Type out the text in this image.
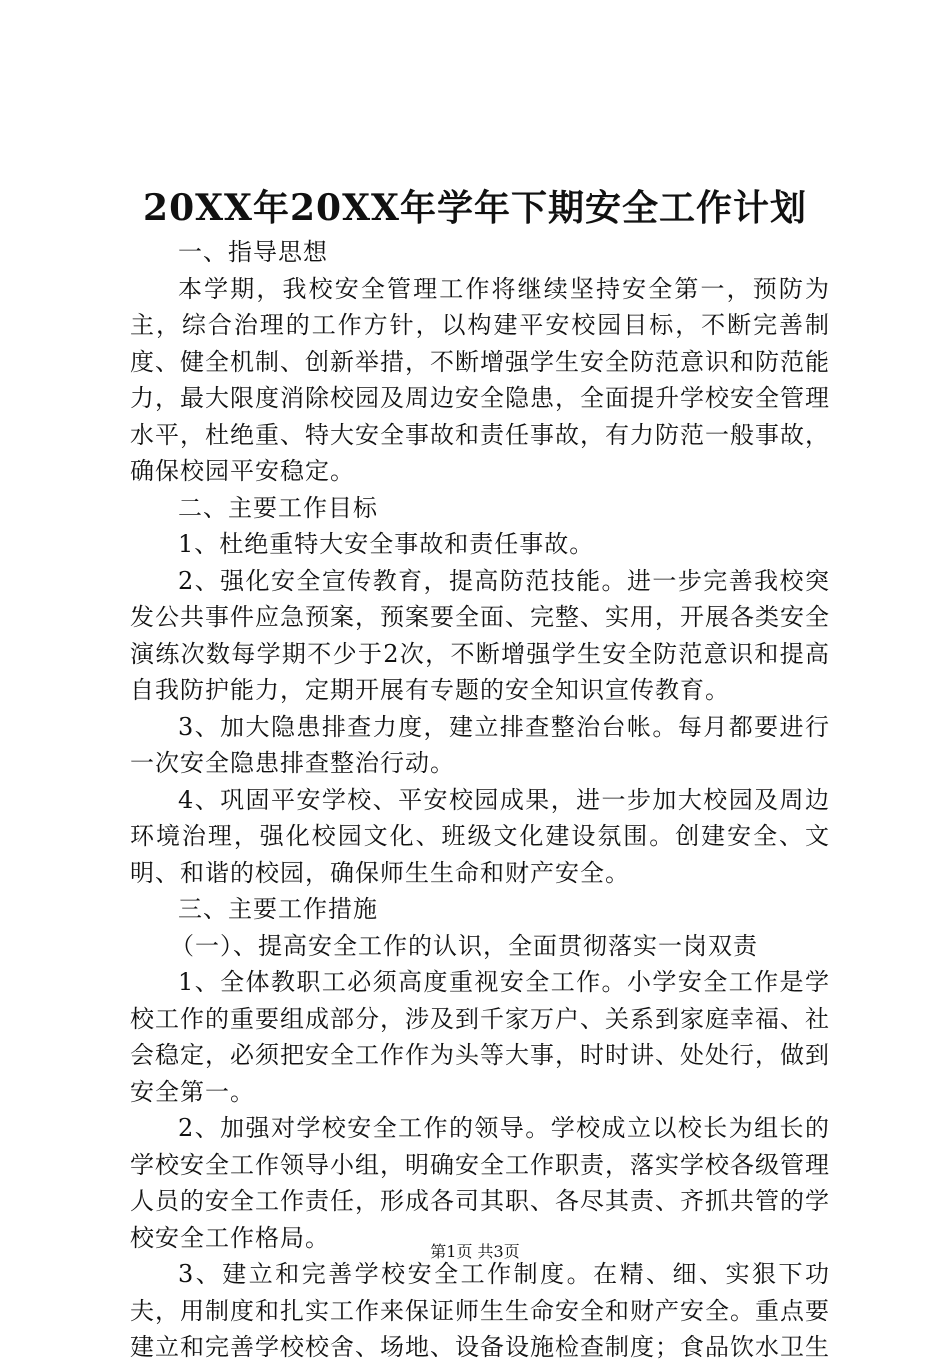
20XX年20XX年学年下期安全工作计划

一、指导思想

本学期，我校安全管理工作将继续坚持安全第一，预防为主，综合治理的工作方针，以构建平安校园目标，不断完善制度、健全机制、创新举措，不断增强学生安全防范意识和防范能力，最大限度消除校园及周边安全隐患，全面提升学校安全管理水平，杜绝重、特大安全事故和责任事故，有力防范一般事故，确保校园平安稳定。

二、主要工作目标

1、杜绝重特大安全事故和责任事故。

2、强化安全宣传教育，提高防范技能。进一步完善我校突发公共事件应急预案，预案要全面、完整、实用，开展各类安全演练次数每学期不少于2次，不断增强学生安全防范意识和提高自我防护能力，定期开展有专题的安全知识宣传教育。

3、加大隐患排查力度，建立排查整治台帐。每月都要进行一次安全隐患排查整治行动。

4、巩固平安学校、平安校园成果，进一步加大校园及周边环境治理，强化校园文化、班级文化建设氛围。创建安全、文明、和谐的校园，确保师生生命和财产安全。

三、主要工作措施

（一）、提高安全工作的认识，全面贯彻落实一岗双责

1、全体教职工必须高度重视安全工作。小学安全工作是学校工作的重要组成部分，涉及到千家万户、关系到家庭幸福、社会稳定，必须把安全工作作为头等大事，时时讲、处处行，做到安全第一。

2、加强对学校安全工作的领导。学校成立以校长为组长的学校安全工作领导小组，明确安全工作职责，落实学校各级管理人员的安全工作责任，形成各司其职、各尽其责、齐抓共管的学校安全工作格局。

3、建立和完善学校安全工作制度。在精、细、实狠下功夫，用制度和扎实工作来保证师生生命安全和财产安全。重点要建立和完善学校校舍、场地、设备设施检查制度；食品饮水卫生

第1页 共3页
